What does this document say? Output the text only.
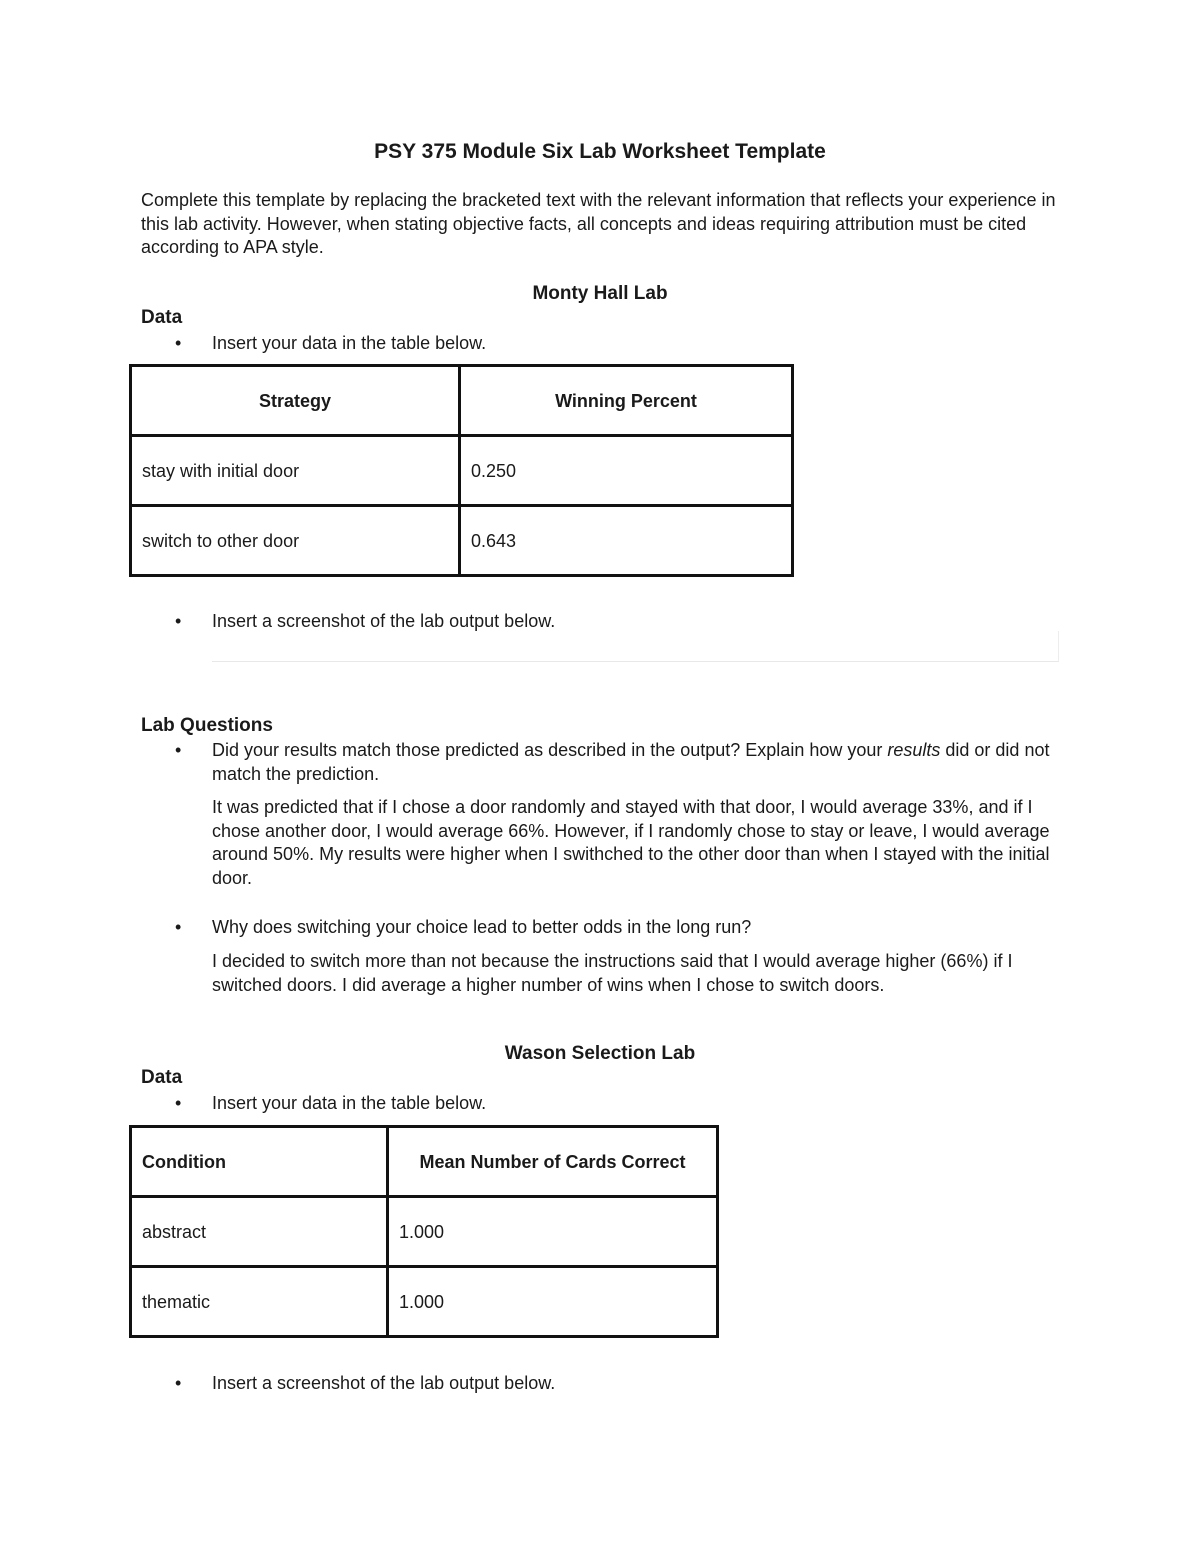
PSY 375 Module Six Lab Worksheet Template

Complete this template by replacing the bracketed text with the relevant information that reflects your experience in this lab activity. However, when stating objective facts, all concepts and ideas requiring attribution must be cited according to APA style.

Monty Hall Lab
Data
• Insert your data in the table below.
Strategy	Winning Percent
stay with initial door	0.250
switch to other door	0.643
• Insert a screenshot of the lab output below.
Lab Questions
• Did your results match those predicted as described in the output? Explain how your results did or did not match the prediction.

It was predicted that if I chose a door randomly and stayed with that door, I would average 33%, and if I chose another door, I would average 66%. However, if I randomly chose to stay or leave, I would average around 50%. My results were higher when I swithched to the other door than when I stayed with the initial door.

• Why does switching your choice lead to better odds in the long run?

I decided to switch more than not because the instructions said that I would average higher (66%) if I switched doors. I did average a higher number of wins when I chose to switch doors.

Wason Selection Lab
Data
• Insert your data in the table below.
Condition	Mean Number of Cards Correct
abstract	1.000
thematic	1.000
• Insert a screenshot of the lab output below.
